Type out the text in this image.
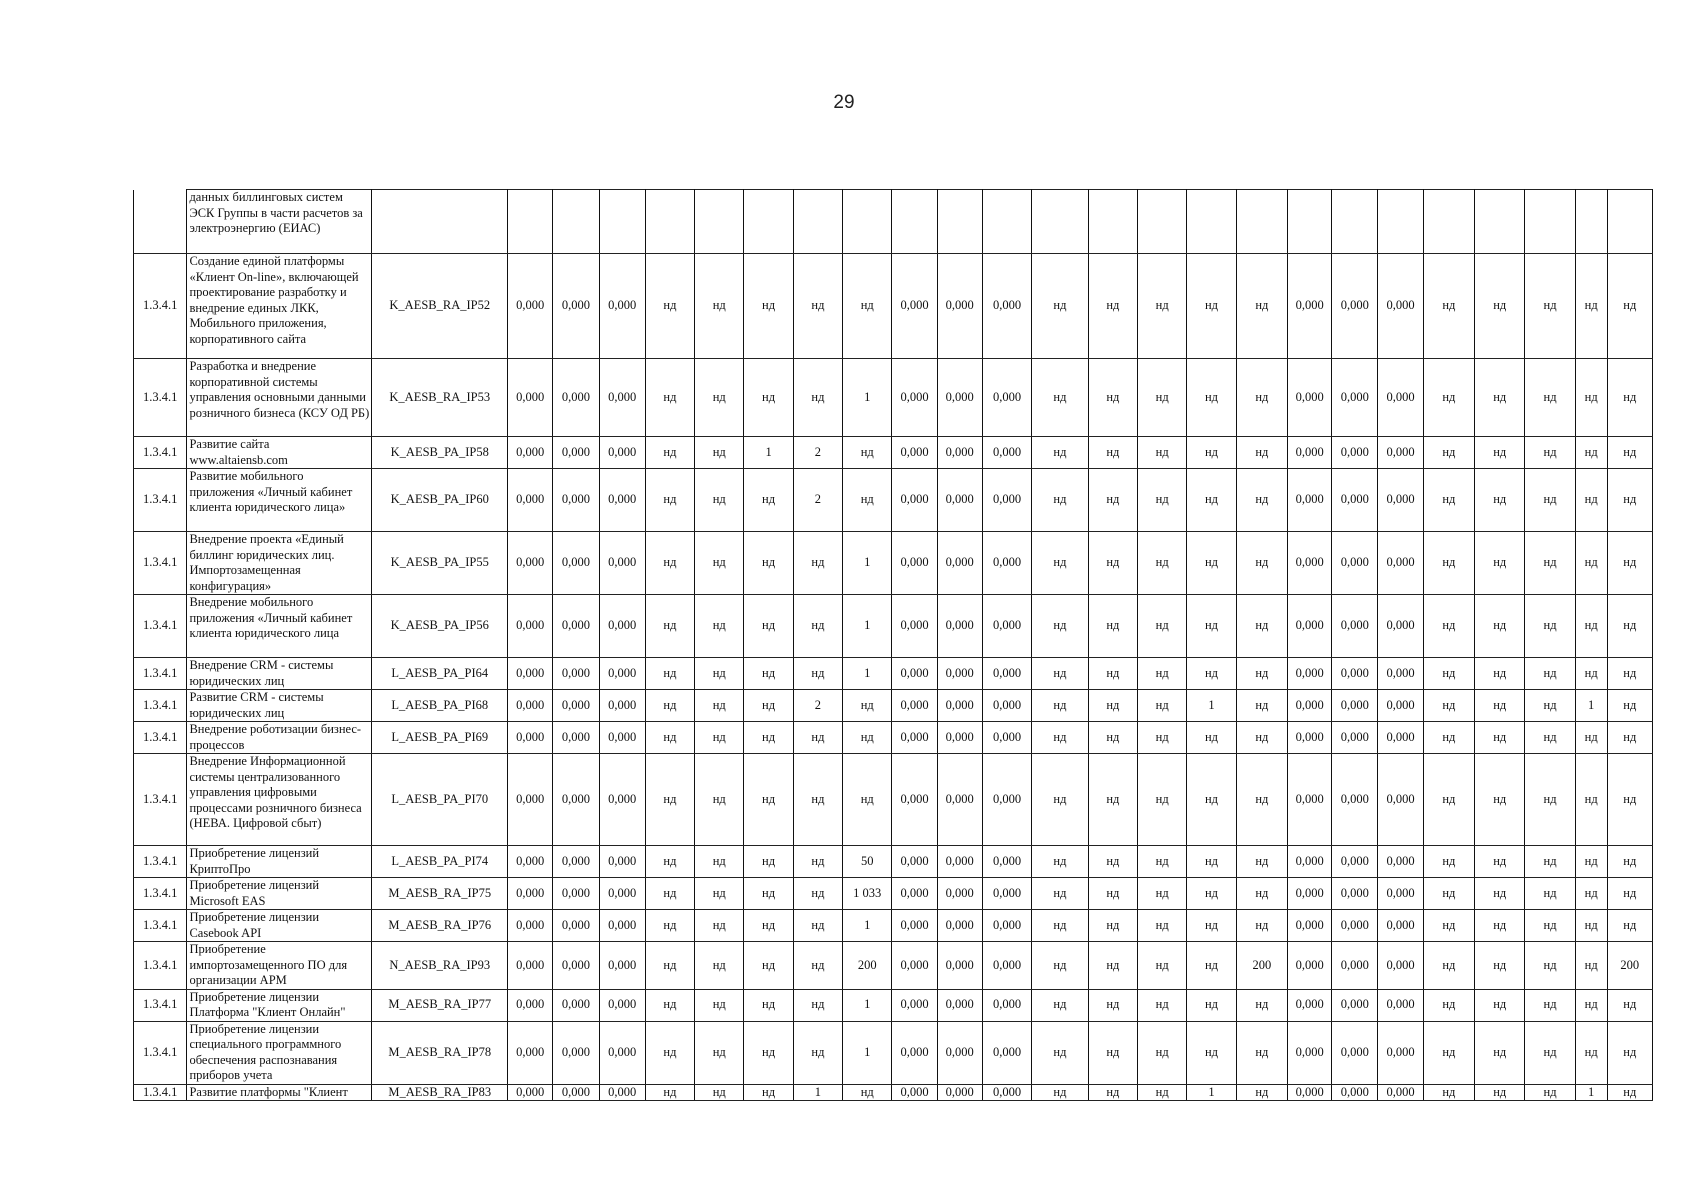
29
	данных биллинговых систем ЭСК Группы в части расчетов за электроэнергию (ЕИАС)																									
1.3.4.1	Создание единой платформы «Клиент On-line», включающей проектирование разработку и внедрение единых ЛКК, Мобильного приложения, корпоративного сайта	K_AESB_RA_IP52	0,000	0,000	0,000	нд	нд	нд	нд	нд	0,000	0,000	0,000	нд	нд	нд	нд	нд	0,000	0,000	0,000	нд	нд	нд	нд	нд
1.3.4.1	Разработка и внедрение корпоративной системы управления основными данными розничного бизнеса (КСУ ОД РБ)	K_AESB_RA_IP53	0,000	0,000	0,000	нд	нд	нд	нд	1	0,000	0,000	0,000	нд	нд	нд	нд	нд	0,000	0,000	0,000	нд	нд	нд	нд	нд
1.3.4.1	Развитие сайта www.altaiensb.com	K_AESB_PA_IP58	0,000	0,000	0,000	нд	нд	1	2	нд	0,000	0,000	0,000	нд	нд	нд	нд	нд	0,000	0,000	0,000	нд	нд	нд	нд	нд
1.3.4.1	Развитие мобильного приложения «Личный кабинет клиента юридического лица»	K_AESB_PA_IP60	0,000	0,000	0,000	нд	нд	нд	2	нд	0,000	0,000	0,000	нд	нд	нд	нд	нд	0,000	0,000	0,000	нд	нд	нд	нд	нд
1.3.4.1	Внедрение проекта «Единый биллинг юридических лиц. Импортозамещенная конфигурация»	K_AESB_PA_IP55	0,000	0,000	0,000	нд	нд	нд	нд	1	0,000	0,000	0,000	нд	нд	нд	нд	нд	0,000	0,000	0,000	нд	нд	нд	нд	нд
1.3.4.1	Внедрение мобильного приложения «Личный кабинет клиента юридического лица	K_AESB_PA_IP56	0,000	0,000	0,000	нд	нд	нд	нд	1	0,000	0,000	0,000	нд	нд	нд	нд	нд	0,000	0,000	0,000	нд	нд	нд	нд	нд
1.3.4.1	Внедрение CRM - системы юридических лиц	L_AESB_PA_PI64	0,000	0,000	0,000	нд	нд	нд	нд	1	0,000	0,000	0,000	нд	нд	нд	нд	нд	0,000	0,000	0,000	нд	нд	нд	нд	нд
1.3.4.1	Развитие CRM - системы юридических лиц	L_AESB_PA_PI68	0,000	0,000	0,000	нд	нд	нд	2	нд	0,000	0,000	0,000	нд	нд	нд	1	нд	0,000	0,000	0,000	нд	нд	нд	1	нд
1.3.4.1	Внедрение роботизации бизнес-процессов	L_AESB_PA_PI69	0,000	0,000	0,000	нд	нд	нд	нд	нд	0,000	0,000	0,000	нд	нд	нд	нд	нд	0,000	0,000	0,000	нд	нд	нд	нд	нд
1.3.4.1	Внедрение Информационной системы централизованного управления цифровыми процессами розничного бизнеса (НЕВА. Цифровой сбыт)	L_AESB_PA_PI70	0,000	0,000	0,000	нд	нд	нд	нд	нд	0,000	0,000	0,000	нд	нд	нд	нд	нд	0,000	0,000	0,000	нд	нд	нд	нд	нд
1.3.4.1	Приобретение лицензий КриптоПро	L_AESB_PA_PI74	0,000	0,000	0,000	нд	нд	нд	нд	50	0,000	0,000	0,000	нд	нд	нд	нд	нд	0,000	0,000	0,000	нд	нд	нд	нд	нд
1.3.4.1	Приобретение лицензий Microsoft EAS	M_AESB_RA_IP75	0,000	0,000	0,000	нд	нд	нд	нд	1 033	0,000	0,000	0,000	нд	нд	нд	нд	нд	0,000	0,000	0,000	нд	нд	нд	нд	нд
1.3.4.1	Приобретение лицензии Casebook API	M_AESB_RA_IP76	0,000	0,000	0,000	нд	нд	нд	нд	1	0,000	0,000	0,000	нд	нд	нд	нд	нд	0,000	0,000	0,000	нд	нд	нд	нд	нд
1.3.4.1	Приобретение импортозамещенного ПО для организации АРМ	N_AESB_RA_IP93	0,000	0,000	0,000	нд	нд	нд	нд	200	0,000	0,000	0,000	нд	нд	нд	нд	200	0,000	0,000	0,000	нд	нд	нд	нд	200
1.3.4.1	Приобретение лицензии Платформа "Клиент Онлайн"	M_AESB_RA_IP77	0,000	0,000	0,000	нд	нд	нд	нд	1	0,000	0,000	0,000	нд	нд	нд	нд	нд	0,000	0,000	0,000	нд	нд	нд	нд	нд
1.3.4.1	Приобретение лицензии специального программного обеспечения распознавания приборов учета	M_AESB_RA_IP78	0,000	0,000	0,000	нд	нд	нд	нд	1	0,000	0,000	0,000	нд	нд	нд	нд	нд	0,000	0,000	0,000	нд	нд	нд	нд	нд
1.3.4.1	Развитие платформы "Клиент	M_AESB_RA_IP83	0,000	0,000	0,000	нд	нд	нд	1	нд	0,000	0,000	0,000	нд	нд	нд	1	нд	0,000	0,000	0,000	нд	нд	нд	1	нд
